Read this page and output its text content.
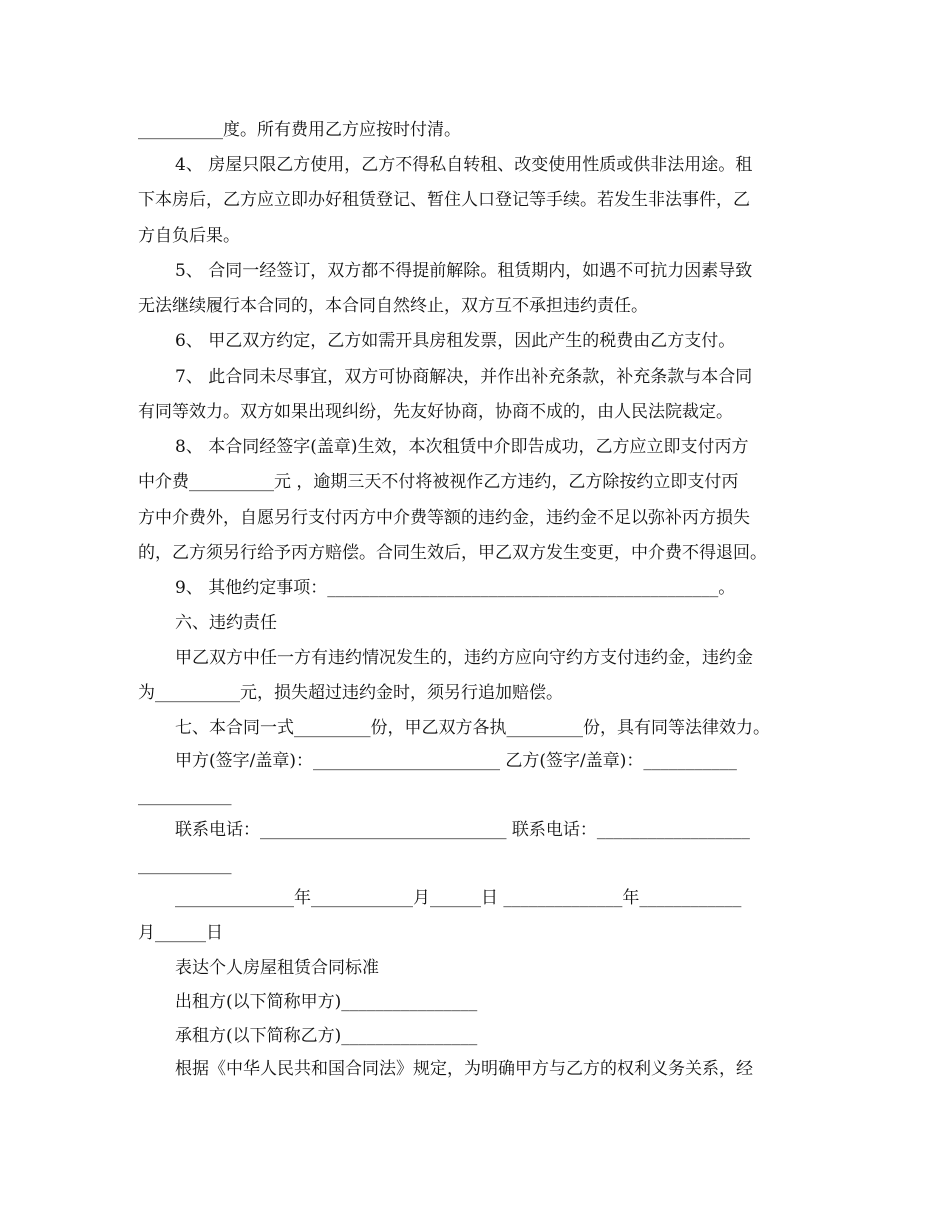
__________度。所有费用乙方应按时付清。
4、 房屋只限乙方使用，乙方不得私自转租、改变使用性质或供非法用途。租
下本房后，乙方应立即办好租赁登记、暂住人口登记等手续。若发生非法事件，乙
方自负后果。
5、 合同一经签订，双方都不得提前解除。租赁期内，如遇不可抗力因素导致
无法继续履行本合同的，本合同自然终止，双方互不承担违约责任。
6、 甲乙双方约定，乙方如需开具房租发票，因此产生的税费由乙方支付。
7、 此合同未尽事宜，双方可协商解决，并作出补充条款，补充条款与本合同
有同等效力。双方如果出现纠纷，先友好协商，协商不成的，由人民法院裁定。
8、 本合同经签字(盖章)生效，本次租赁中介即告成功，乙方应立即支付丙方
中介费__________元 ，逾期三天不付将被视作乙方违约，乙方除按约立即支付丙
方中介费外，自愿另行支付丙方中介费等额的违约金，违约金不足以弥补丙方损失
的，乙方须另行给予丙方赔偿。合同生效后，甲乙双方发生变更，中介费不得退回。
9、 其他约定事项：______________________________________________。
六、违约责任
甲乙双方中任一方有违约情况发生的，违约方应向守约方支付违约金，违约金
为__________元，损失超过违约金时，须另行追加赔偿。
七、本合同一式_________份，甲乙双方各执_________份，具有同等法律效力。
甲方(签字/盖章)：______________________ 乙方(签字/盖章)：___________
___________
联系电话：_____________________________ 联系电话：__________________
___________
______________年____________月______日 ______________年____________
月______日
表达个人房屋租赁合同标准
出租方(以下简称甲方)________________
承租方(以下简称乙方)________________
根据《中华人民共和国合同法》规定，为明确甲方与乙方的权利义务关系，经
